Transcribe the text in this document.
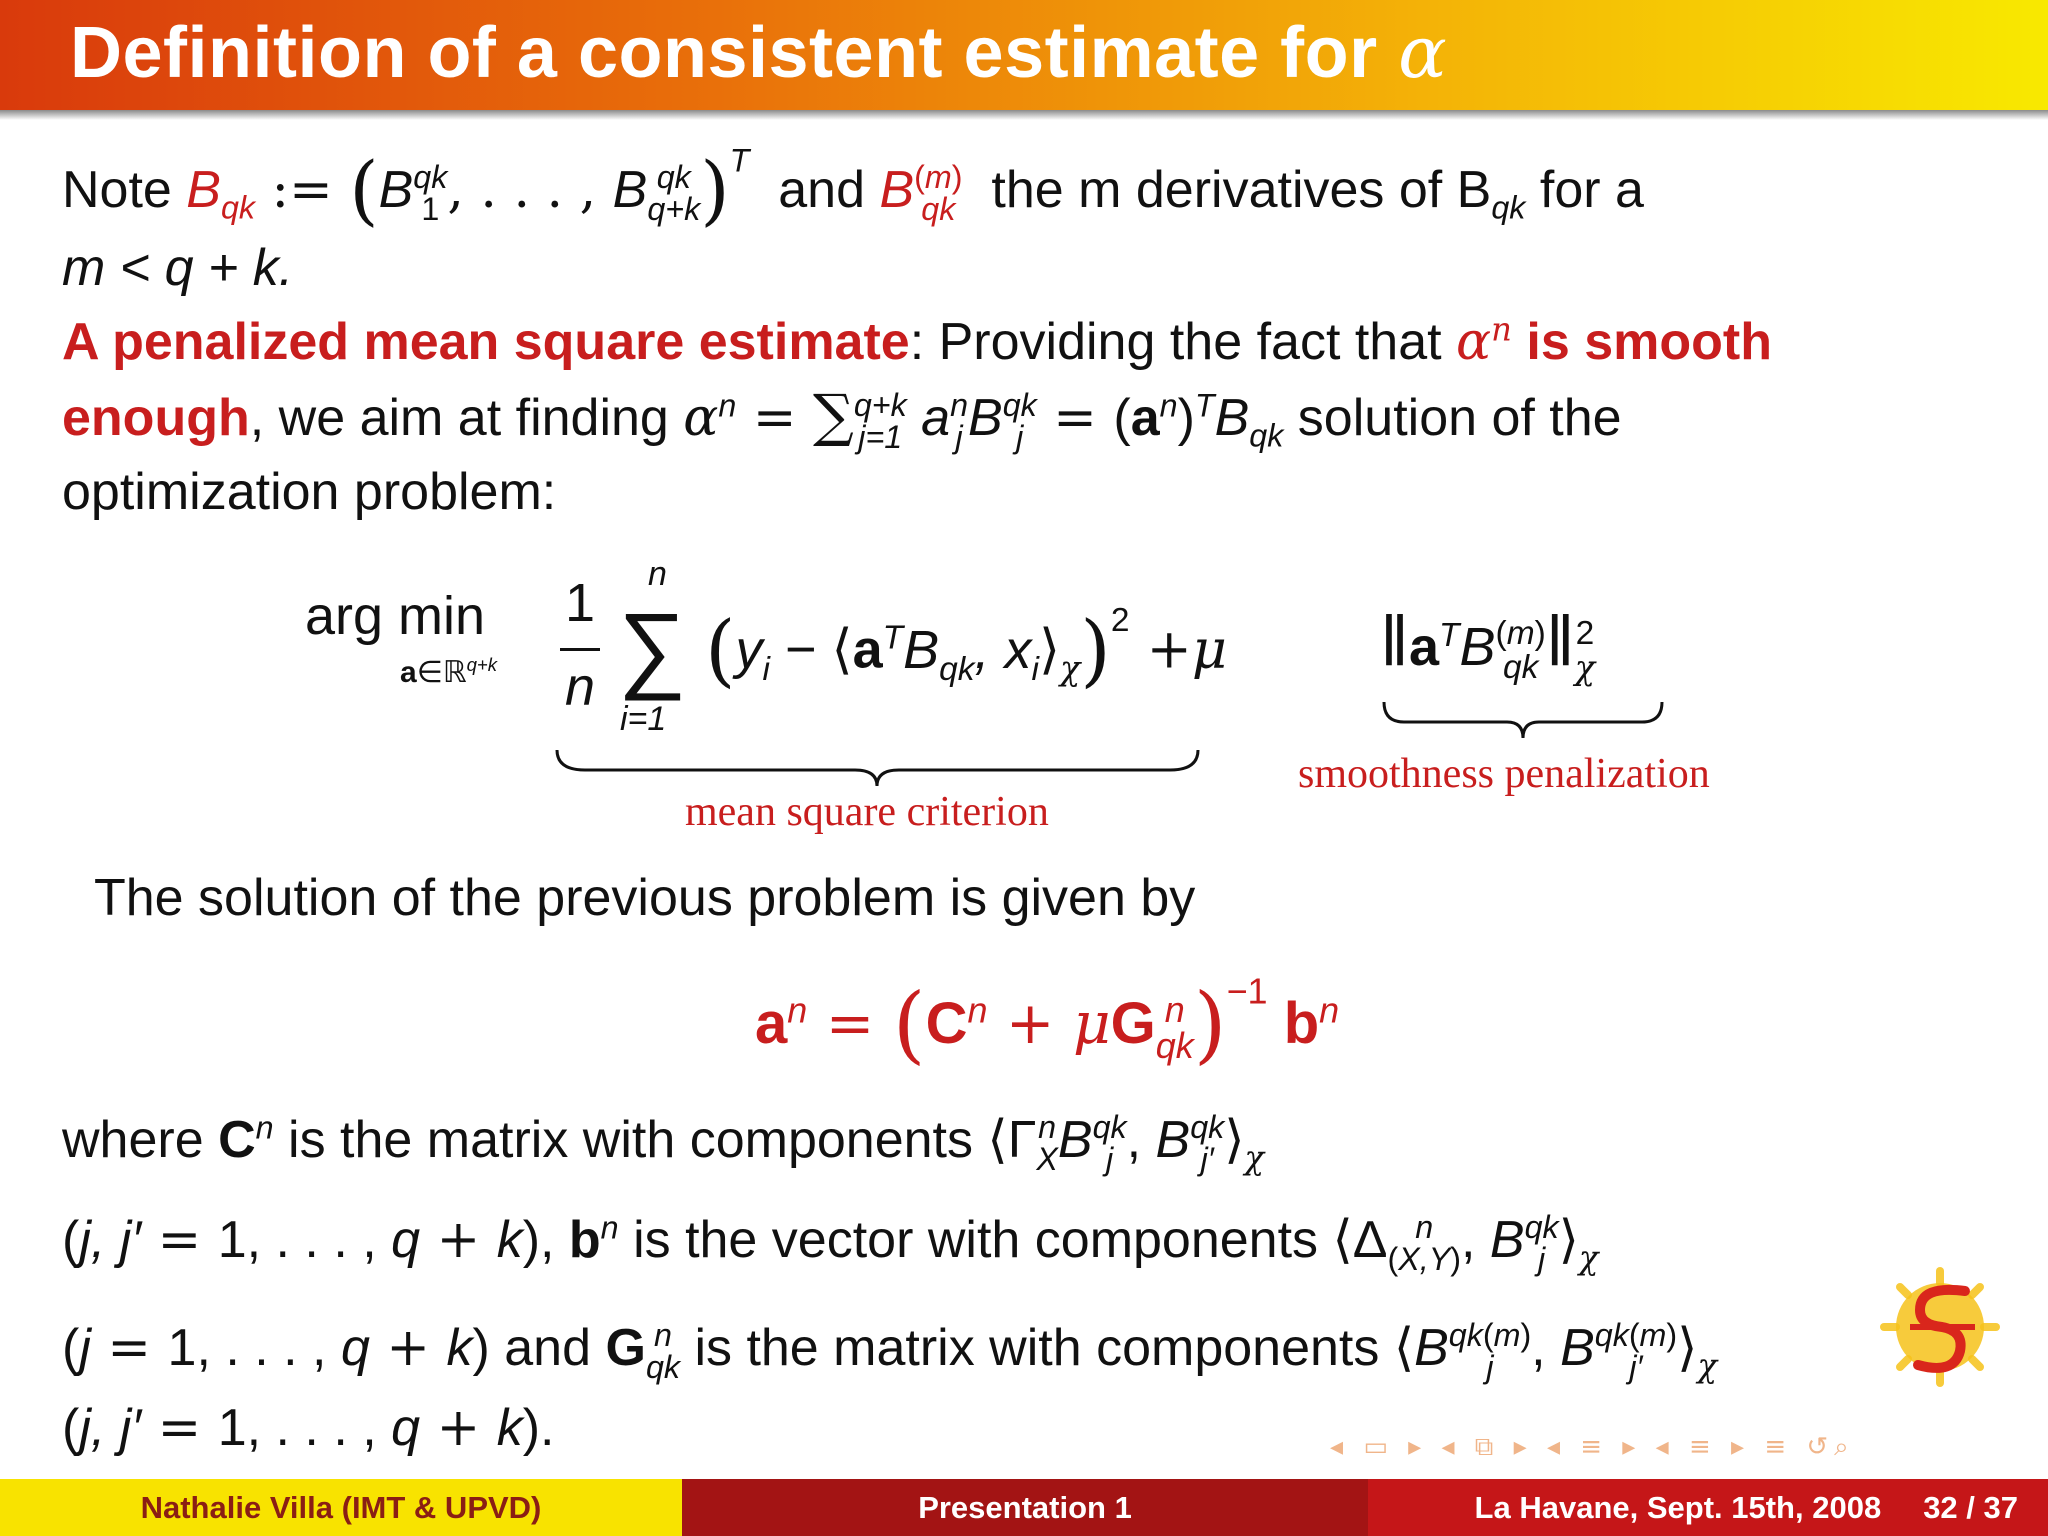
Definition of a consistent estimate for α
Note $B_{qk}$ := (B qk
1 , . . . , B qk
q+k )$^T$  and B (m)
qk the m derivatives of $B_{qk}$ for a
m < q + k.
A penalized mean square estimate: Providing the fact that $\alpha^n$ is smooth
enough, we aim at finding $\alpha^n$ = ∑ q+k
j=1 a n
j B qk
$j = (a^n)^TB_{qk}$ solution of the
optimization problem:
arg min
a∈ℝ$^{q+k}$
1
n
n
∑
i=1
($y_i$ − $⟨a^TB_{qk}$, $x_i⟩_\chi)^2 +\mu$ $‖a^TB$ (m)
qk ‖ 2
χ
mean square criterion
smoothness penalization
The solution of the previous problem is given by
$a^n = (C^n + \mu G$ n
qk )$^{-1}$ $b^n$
where $C^n$ is the matrix with components ⟨Γ n
X B qk
j , B qk
j′ $⟩_\chi$
(j, j′ = 1, . . . , q + k), $b^n$ is the vector with components ⟨Δ n
(X,Y) , B qk
j $⟩_\chi$
(j = 1, . . . , q + k) and G n
qk is the matrix with components ⟨B qk(m)
j , B qk(m)
j′ $⟩_\chi$
(j, j′ = 1, . . . , q + k).	◂ ▭ ▸ ◂ ⧉ ▸ ◂ ≡ ▸ ◂ ≡ ▸ ≡ ↺⌕
Nathalie Villa (IMT & UPVD)	Presentation 1	La Havane, Sept. 15th, 2008 32 / 37
